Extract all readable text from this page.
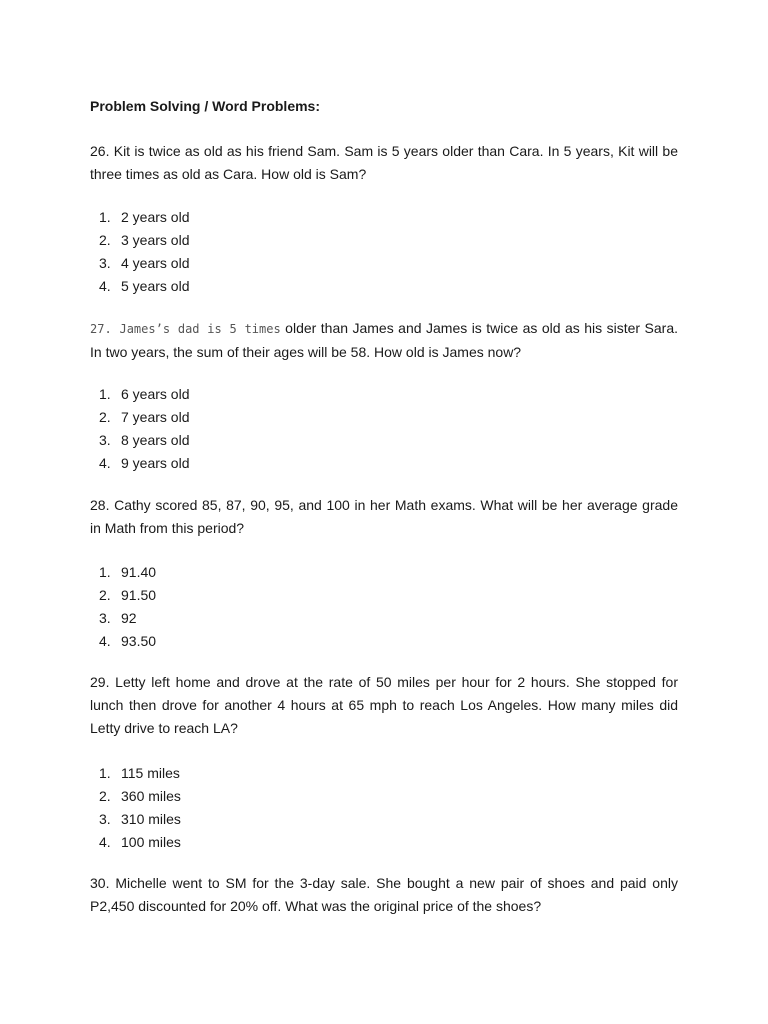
Problem Solving / Word Problems:
26. Kit is twice as old as his friend Sam. Sam is 5 years older than Cara. In 5 years, Kit will be three times as old as Cara. How old is Sam?
1. 2 years old
2. 3 years old
3. 4 years old
4. 5 years old
27. James’s dad is 5 times older than James and James is twice as old as his sister Sara. In two years, the sum of their ages will be 58. How old is James now?
1. 6 years old
2. 7 years old
3. 8 years old
4. 9 years old
28. Cathy scored 85, 87, 90, 95, and 100 in her Math exams. What will be her average grade in Math from this period?
1. 91.40
2. 91.50
3. 92
4. 93.50
29. Letty left home and drove at the rate of 50 miles per hour for 2 hours. She stopped for lunch then drove for another 4 hours at 65 mph to reach Los Angeles. How many miles did Letty drive to reach LA?
1. 115 miles
2. 360 miles
3. 310 miles
4. 100 miles
30. Michelle went to SM for the 3-day sale. She bought a new pair of shoes and paid only P2,450 discounted for 20% off. What was the original price of the shoes?
